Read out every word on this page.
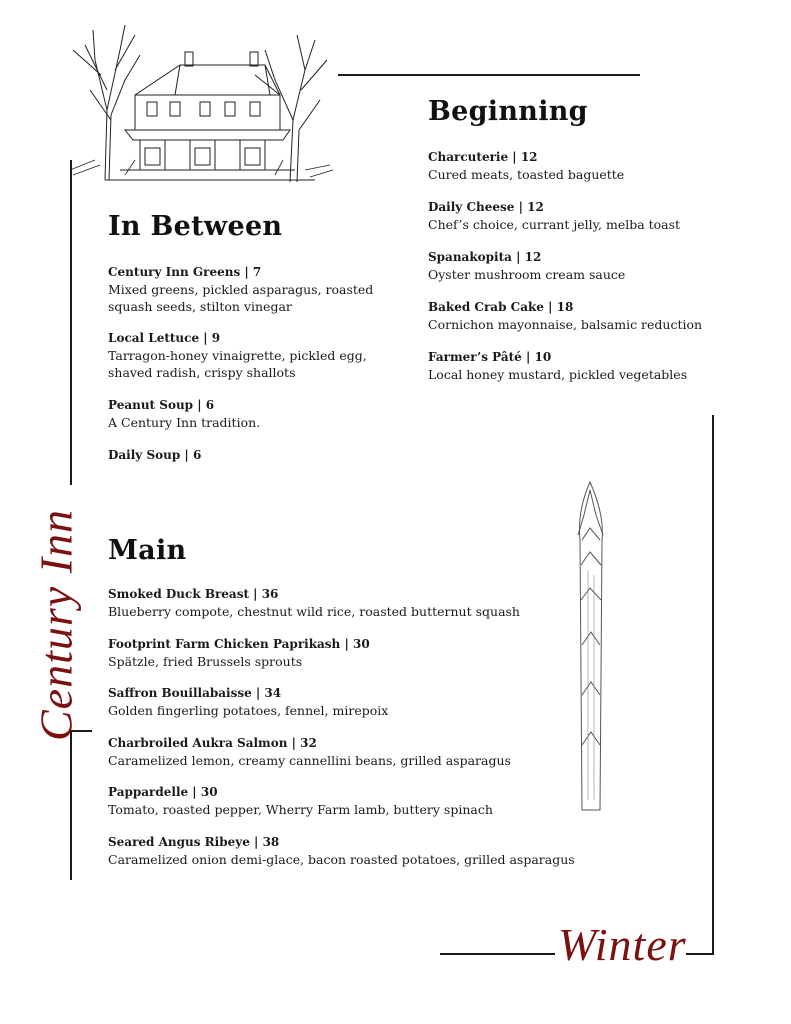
Century Inn
Winter
Beginning
Charcuterie | 12
Cured meats, toasted baguette
Daily Cheese | 12
Chef’s choice, currant jelly, melba toast
Spanakopita | 12
Oyster mushroom cream sauce
Baked Crab Cake | 18
Cornichon mayonnaise, balsamic reduction
Farmer’s Pâté | 10
Local honey mustard, pickled vegetables
In Between
Century Inn Greens | 7
Mixed greens, pickled asparagus, roasted squash seeds, stilton vinegar
Local Lettuce | 9
Tarragon-honey vinaigrette, pickled egg, shaved radish, crispy shallots
Peanut Soup | 6
A Century Inn tradition.
Daily Soup | 6
Main
Smoked Duck Breast | 36
Blueberry compote, chestnut wild rice, roasted butternut squash
Footprint Farm Chicken Paprikash | 30
Spätzle, fried Brussels sprouts
Saffron Bouillabaisse | 34
Golden fingerling potatoes, fennel, mirepoix
Charbroiled Aukra Salmon | 32
Caramelized lemon, creamy cannellini beans, grilled asparagus
Pappardelle | 30
Tomato, roasted pepper, Wherry Farm lamb, buttery spinach
Seared Angus Ribeye | 38
Caramelized onion demi-glace, bacon roasted potatoes, grilled asparagus
